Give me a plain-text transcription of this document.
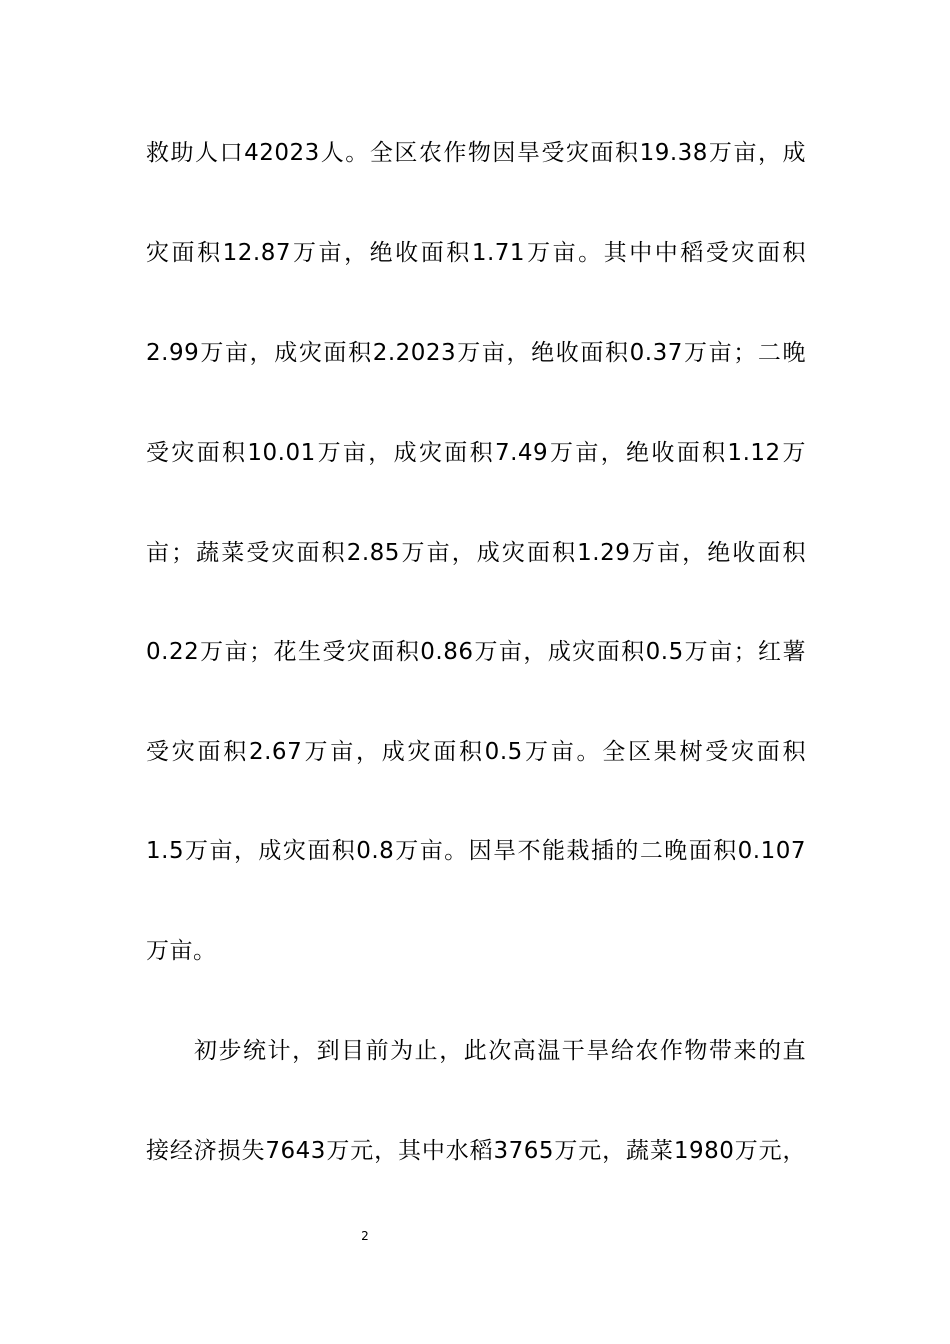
救助人口42023人。全区农作物因旱受灾面积19.38万亩，成
灾面积12.87万亩，绝收面积1.71万亩。其中中稻受灾面积
2.99万亩，成灾面积2.2023万亩，绝收面积0.37万亩；二晚
受灾面积10.01万亩，成灾面积7.49万亩，绝收面积1.12万
亩；蔬菜受灾面积2.85万亩，成灾面积1.29万亩，绝收面积
0.22万亩；花生受灾面积0.86万亩，成灾面积0.5万亩；红薯
受灾面积2.67万亩，成灾面积0.5万亩。全区果树受灾面积
1.5万亩，成灾面积0.8万亩。因旱不能栽插的二晚面积0.107
万亩。
初步统计，到目前为止，此次高温干旱给农作物带来的直
接经济损失7643万元，其中水稻3765万元，蔬菜1980万元，
2
